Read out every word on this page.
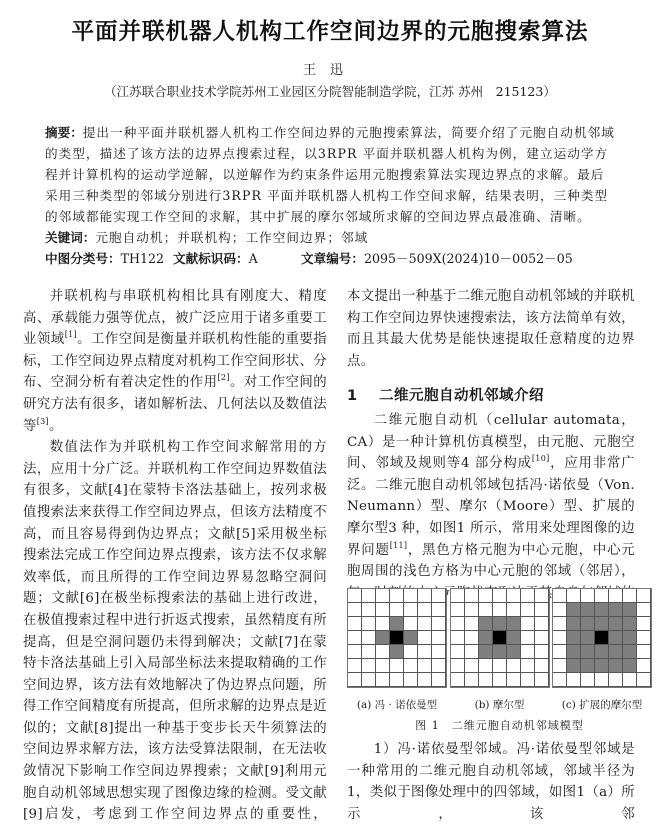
平面并联机器人机构工作空间边界的元胞搜索算法
王迅
（江苏联合职业技术学院苏州工业园区分院智能制造学院，江苏 苏州　215123）

摘要：提出一种平面并联机器人机构工作空间边界的元胞搜索算法，简要介绍了元胞自动机邻域的类型，描述了该方法的边界点搜索过程，以3RPR 平面并联机器人机构为例，建立运动学方程并计算机构的运动学逆解，以逆解作为约束条件运用元胞搜索算法实现边界点的求解。最后采用三种类型的邻域分别进行3RPR 平面并联机器人机构工作空间求解，结果表明，三种类型的邻域都能实现工作空间的求解，其中扩展的摩尔邻域所求解的空间边界点最准确、清晰。

关键词：元胞自动机；并联机构；工作空间边界；邻域

中图分类号：TH122 文献标识码：A	文章编号：2095－509X(2024)10－0052－05

并联机构与串联机构相比具有刚度大、精度高、承载能力强等优点，被广泛应用于诸多重要工业领域[1]。工作空间是衡量并联机构性能的重要指标，工作空间边界点精度对机构工作空间形状、分布、空洞分析有着决定性的作用[2]。对工作空间的研究方法有很多，诸如解析法、几何法以及数值法等[3]。

数值法作为并联机构工作空间求解常用的方法，应用十分广泛。并联机构工作空间边界数值法有很多，文献[4]在蒙特卡洛法基础上，按列求极值搜索法来获得工作空间边界点，但该方法精度不高，而且容易得到伪边界点；文献[5]采用极坐标搜索法完成工作空间边界点搜索，该方法不仅求解效率低，而且所得的工作空间边界易忽略空洞问题；文献[6]在极坐标搜索法的基础上进行改进，在极值搜索过程中进行折返式搜索，虽然精度有所提高，但是空洞问题仍未得到解决；文献[7]在蒙特卡洛法基础上引入局部坐标法来提取精确的工作空间边界，该方法有效地解决了伪边界点问题，所得工作空间精度有所提高，但所求解的边界点是近似的；文献[8]提出一种基于变步长天牛须算法的空间边界求解方法，该方法受算法限制，在无法收敛情况下影响工作空间边界搜索；文献[9]利用元胞自动机邻域思想实现了图像边缘的检测。受文献[9]启发，考虑到工作空间边界点的重要性，

本文提出一种基于二维元胞自动机邻域的并联机构工作空间边界快速搜索法，该方法简单有效，而且其最大优势是能快速提取任意精度的边界点。

1 二维元胞自动机邻域介绍

二维元胞自动机（cellular automata，CA）是一种计算机仿真模型，由元胞、元胞空间、邻域及规则等4 部分构成[10]，应用非常广泛。二维元胞自动机邻域包括冯·诺依曼（Von. Neumann）型、摩尔（Moore）型、扩展的摩尔型3 种，如图1 所示，常用来处理图像的边界问题[11]，黑色方格元胞为中心元胞，中心元胞周围的浅色方格为中心元胞的邻域（邻居），

(a) 冯 · 诺依曼型	(b) 摩尔型	(c) 扩展的摩尔型
图 1　二维元胞自动机邻域模型

1）冯·诺依曼型邻域。冯·诺依曼型邻域是一种常用的二维元胞自动机邻域，邻域半径为1，类似于图像处理中的四邻域，如图1（a）所示，该邻
